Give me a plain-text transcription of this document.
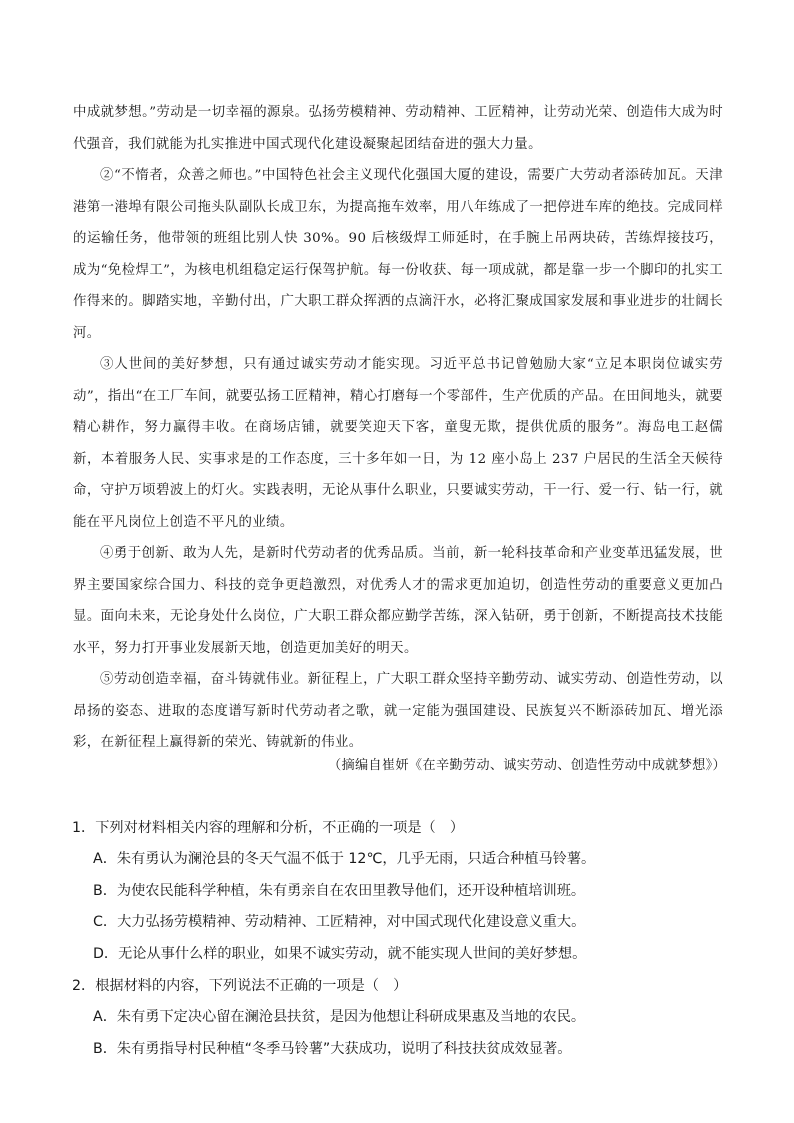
中成就梦想。”劳动是一切幸福的源泉。弘扬劳模精神、劳动精神、工匠精神，让劳动光荣、创造伟大成为时代强音，我们就能为扎实推进中国式现代化建设凝聚起团结奋进的强大力量。

②“不惰者，众善之师也。”中国特色社会主义现代化强国大厦的建设，需要广大劳动者添砖加瓦。天津港第一港埠有限公司拖头队副队长成卫东，为提高拖车效率，用八年练成了一把停进车库的绝技。完成同样的运输任务，他带领的班组比别人快 30%。90 后核级焊工师延时，在手腕上吊两块砖，苦练焊接技巧，成为“免检焊工”，为核电机组稳定运行保驾护航。每一份收获、每一项成就，都是靠一步一个脚印的扎实工作得来的。脚踏实地，辛勤付出，广大职工群众挥洒的点滴汗水，必将汇聚成国家发展和事业进步的壮阔长河。

③人世间的美好梦想，只有通过诚实劳动才能实现。习近平总书记曾勉励大家“立足本职岗位诚实劳动”，指出“在工厂车间，就要弘扬工匠精神，精心打磨每一个零部件，生产优质的产品。在田间地头，就要精心耕作，努力赢得丰收。在商场店铺，就要笑迎天下客，童叟无欺，提供优质的服务”。海岛电工赵儒新，本着服务人民、实事求是的工作态度，三十多年如一日，为 12 座小岛上 237 户居民的生活全天候待命，守护万顷碧波上的灯火。实践表明，无论从事什么职业，只要诚实劳动，干一行、爱一行、钻一行，就能在平凡岗位上创造不平凡的业绩。

④勇于创新、敢为人先，是新时代劳动者的优秀品质。当前，新一轮科技革命和产业变革迅猛发展，世界主要国家综合国力、科技的竞争更趋激烈，对优秀人才的需求更加迫切，创造性劳动的重要意义更加凸显。面向未来，无论身处什么岗位，广大职工群众都应勤学苦练，深入钻研，勇于创新，不断提高技术技能水平，努力打开事业发展新天地，创造更加美好的明天。

⑤劳动创造幸福，奋斗铸就伟业。新征程上，广大职工群众坚持辛勤劳动、诚实劳动、创造性劳动，以昂扬的姿态、进取的态度谱写新时代劳动者之歌，就一定能为强国建设、民族复兴不断添砖加瓦、增光添彩，在新征程上赢得新的荣光、铸就新的伟业。

（摘编自崔妍《在辛勤劳动、诚实劳动、创造性劳动中成就梦想》）

1．下列对材料相关内容的理解和分析，不正确的一项是（　）

A．朱有勇认为澜沧县的冬天气温不低于 12℃，几乎无雨，只适合种植马铃薯。

B．为使农民能科学种植，朱有勇亲自在农田里教导他们，还开设种植培训班。

C．大力弘扬劳模精神、劳动精神、工匠精神，对中国式现代化建设意义重大。

D．无论从事什么样的职业，如果不诚实劳动，就不能实现人世间的美好梦想。

2．根据材料的内容，下列说法不正确的一项是（　）

A．朱有勇下定决心留在澜沧县扶贫，是因为他想让科研成果惠及当地的农民。

B．朱有勇指导村民种植“冬季马铃薯”大获成功，说明了科技扶贫成效显著。
